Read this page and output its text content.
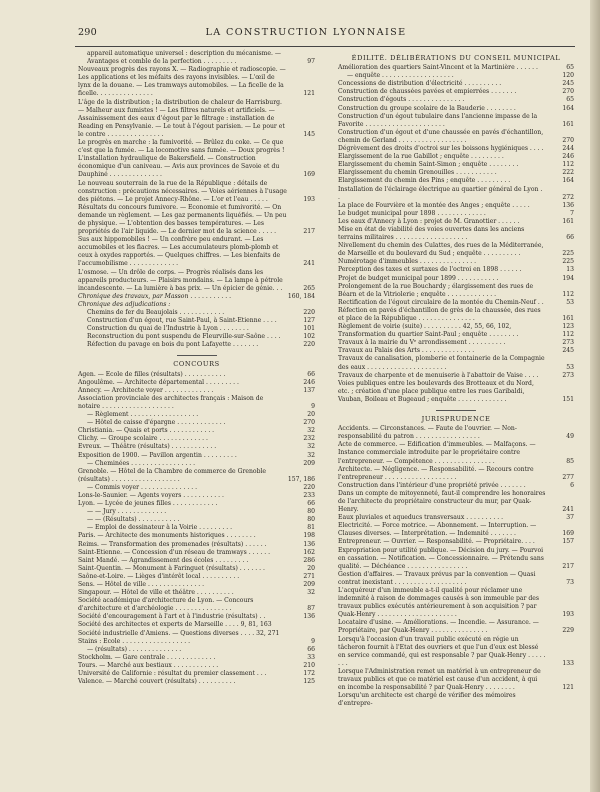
290	LA CONSTRUCTION LYONNAISE
appareil automatique universel : description du mécanisme. — Avantages et comble de la perfection . . . . . . . . .	97
Nouveaux progrès des rayons X. — Radiographie et radioscopie. — Les applications et les méfaits des rayons invisibles. — L'œil de lynx de la douane. — Les tramways automobiles. — La ficelle de la ficelle. . . . . . . . . . . . . . .	121
L'âge de la distribution ; la distribution de chaleur de Harrisburg. — Malheur aux fumistes ! — Les filtres naturels et artificiels. — Assainissement des eaux d'égout par le filtrage : installation de Reading en Pensylvanie. — Le tout à l'égout parisien. — Le pour et le contre . . . . . . . . . . . . . . .	145
Le progrès en marche : la fumivorité. — Brûlez du coke. — Ce que c'est que la fumée. — La locomotive sans fumée. — Doux progrès ! L'installation hydraulique de Bakersfield. — Construction économique d'un caniveau. — Avis aux provinces de Savoie et du Dauphiné . . . . . . . . . . . . . .	169
Le nouveau souterrain de la rue de la République : détails de construction : précautions nécessaires. — Voies aériennes à l'usage des piétons. — Le projet Annecy-Rhône. — L'or et l'eau . . . . .	193
Résultats du concours fumivore. — Economie et fumivorité. — On demande un règlement. — Les gaz permanents liquéfiés. — Un peu de physique. — L'obtention des basses températures. — Les propriétés de l'air liquide. — Le dernier mot de la science . . . . .	217
Sus aux hippomobiles ! — Un confrère peu endurant. — Les accumobiles et les fiacres. — Les accumulateurs plomb-plomb et ceux à oxydes rapportés. — Quelques chiffres. — Les bienfaits de l'accumobilisme . . . . . . . . . . . . .	241
L'osmose. — Un drôle de corps. — Progrès réalisés dans les appareils producteurs. — Plaisirs mondains. — La lampe à pétrole incandescente. — La lumière à bas prix. — Un épicier de génie. . .	265
Chronique des travaux, par Masson . . . . . . . . . . .	160, 184
Chronique des adjudications :
Chemins de fer du Beaujolais . . . . . . . . . . . .	220
Construction d'un égout, rue Saint-Paul, à Saint-Etienne . . . .	127
Construction du quai de l'Industrie à Lyon . . . . . . . .	101
Reconstruction du pont suspendu de Fleurville-sur-Saône . . . .	102
Réfection du pavage en bois du pont Lafayette . . . . . . .	220
CONCOURS
Agen. — Ecole de filles (résultats) . . . . . . . . . . .	66
Angoulême. — Architecte départemental . . . . . . . . .	246
Annecy. — Architecte voyer . . . . . . . . . . . . .	137
Association provinciale des architectes français : Maison de notaire . . . . . . . . . . . . . . . . . . .	9
— Règlement . . . . . . . . . . . . . . . . . .	20
— Hôtel de caisse d'épargne . . . . . . . . . . . . .	270
Christiania. — Quais et ports . . . . . . . . . . . .	32
Clichy. — Groupe scolaire . . . . . . . . . . . . .	232
Evreux. — Théâtre (résultats) . . . . . . . . . . . .	32
Exposition de 1900. — Pavillon argentin . . . . . . . . .	32
— Cheminées . . . . . . . . . . . . . . . . .	209
Grenoble. — Hôtel de la Chambre de commerce de Grenoble (résultats) . . . . . . . . . . . . . . . . . .	157, 186
— Commis voyer . . . . . . . . . . . . . . .	220
Lons-le-Saunier. — Agents voyers . . . . . . . . . . .	233
Lyon. — Lycée de jeunes filles . . . . . . . . . . . .	66
— — Jury . . . . . . . . . . . . .	80
— — (Résultats) . . . . . . . . . . .	80
— Emploi de dessinateur à la Voirie . . . . . . . . .	81
Paris. — Architecte des monuments historiques . . . . . . . .	198
Reims. — Transformation des promenades (résultats) . . . . . .	136
Saint-Etienne. — Concession d'un réseau de tramways . . . . . .	162
Saint Mandé. — Agrandissement des écoles . . . . . . . . .	286
Saint-Quentin. — Monument à Faringuet (résultats) . . . . . . .	20
Saône-et-Loire. — Lièges d'intérêt local . . . . . . . . . .	271
Sens. — Hôtel de ville . . . . . . . . . . . . . . .	209
Singapour. — Hôtel de ville et théâtre . . . . . . . . . .	32
Société académique d'architecture de Lyon. — Concours d'architecture et d'archéologie . . . . . . . . . . . . . . .	87
Société d'encouragement à l'art et à l'industrie (résultats) . .	136
Société des architectes et experts de Marseille . . . . 9, 81, 163
Société industrielle d'Amiens. — Questions diverses . . . . 32, 271
Stains : Ecole . . . . . . . . . . . . . . . . . .	9
— (résultats) . . . . . . . . . . . . . .	66
Stockholm. — Gare centrale . . . . . . . . . . . . .	33
Tours. — Marché aux bestiaux . . . . . . . . . . . .	210
Université de Californie : résultat du premier classement . . .	172
Valence. — Marché couvert (résultats) . . . . . . . . . .	125
ÉDILITÉ. DÉLIBÉRATIONS DU CONSEIL MUNICIPAL
Amélioration des quartiers Saint-Vincent et la Martinière . . . . . .	65
— enquête . . . . . . . . . . . . . . . . . . .	120
Concessions de distribution d'électricité . . . . . . . . . .	245
Construction de chaussées pavées et empierrées . . . . . . .	270
Construction d'égouts . . . . . . . . . . . . . . .	65
Construction du groupe scolaire de la Bauderie . . . . . . . .	164
Construction d'un égout tubulaire dans l'ancienne impasse de la Favorite . . . . . . . . . . . . . . . . . . . . .	161
Construction d'un égout et d'une chaussée en pavés d'échantillon, chemin de Gerland . . . . . . . . . . . . . . . . . .	270
Dégrèvement des droits d'octroi sur les boissons hygiéniques . . . .	244
Elargissement de la rue Gabillot ; enquête . . . . . . . . .	246
Elargissement du chemin Saint-Simon ; enquête . . . . . . . .	112
Elargissement du chemin Grenouilles . . . . . . . . . . .	222
Elargissement du chemin des Pins ; enquête . . . . . . . . .	164
Installation de l'éclairage électrique au quartier général de Lyon . .	272
La place de Fourvière et la montée des Anges ; enquête . . . . .	136
Le budget municipal pour 1898 . . . . . . . . . . . . .	7
Les eaux d'Annecy à Lyon : projet de M. Granottier . . . . . .	161
Mise en état de viabilité des voies ouvertes dans les anciens terrains militaires . . . . . . . . . . . . . . . . . . .	66
Nivellement du chemin des Culattes, des rues de la Méditerranée, de Marseille et du boulevard du Sud ; enquête . . . . . . . . . .	225
Numérotage d'immeubles . . . . . . . . . . . . . . .	225
Perception des taxes et surtaxes de l'octroi en 1898 . . . . . .	13
Projet de budget municipal pour 1899 . . . . . . . . . . .	194
Prolongement de la rue Bouchardy ; élargissement des rues de Béarn et de la Vitriolerie ; enquête . . . . . . . . . . . . .	112
Rectification de l'égout circulaire de la montée du Chemin-Neuf . .	53
Réfection en pavés d'échantillon de grès de la chaussée, des rues et place de la République . . . . . . . . . . . . . . .	161
Règlement de voirie (suite) . . . . . . . . . . 42, 55, 66, 102,	123
Transformation du quartier Saint-Paul ; enquête . . . . . . . .	112
Travaux à la mairie du Vᵉ arrondissement . . . . . . . . . .	273
Travaux au Palais des Arts . . . . . . . . . . . . . .	245
Travaux de canalisation, plomberie et fontainerie de la Compagnie des eaux . . . . . . . . . . . . . . . . . . . . .	53
Travaux de charpente et de menuiserie à l'abattoir de Vaise . . . .	273
Voies publiques entre les boulevards des Brotteaux et du Nord, etc. ; création d'une place publique entre les rues Garibaldi, Vauban, Boileau et Bugeaud ; enquête . . . . . . . . . . . . .	151
JURISPRUDENCE
Accidents. — Circonstances. — Faute de l'ouvrier. — Non-responsabilité du patron . . . . . . . . . . . . . . . . .	49
Acte de commerce. — Edification d'immeubles. — Malfaçons. — Instance commerciale introduite par le propriétaire contre l'entrepreneur. — Compétence . . . . . . . . . . . . . . . .	85
Architecte. — Négligence. — Responsabilité. — Recours contre l'entrepreneur . . . . . . . . . . . . . . . . . . .	277
Construction dans l'intérieur d'une propriété privée . . . . . . .	6
Dans un compte de mitoyenneté, faut-il comprendre les honoraires de l'architecte du propriétaire constructeur du mur, par Quak-Henry.	241
Eaux pluviales et aqueducs transversaux . . . . . . . . . .	37
Electricité. — Force motrice. — Abonnement. — Interruption. — Clauses diverses. — Interprétation. — Indemnité . . . . . . .	169
Entrepreneur. — Ouvrier. — Responsabilité. — Propriétaire. . . .	157
Expropriation pour utilité publique. — Décision du jury. — Pourvoi en cassation. — Notification. — Concessionnaire. — Prétendu sans qualité. — Déchéance . . . . . . . . . . . . . . . .	217
Gestion d'affaires. — Travaux prévus par la convention — Quasi contrat inexistant . . . . . . . . . . . . . . . . . . .	73
L'acquéreur d'un immeuble a-t-il qualité pour réclamer une indemnité à raison de dommages causés à son immeuble par des travaux publics exécutés antérieurement à son acquisition ? par Quak-Henry . . . . . . . . . . . . . . . . . . . . .	193
Locataire d'usine. — Améliorations. — Incendie. — Assurance. — Propriétaire, par Quak-Henry . . . . . . . . . . . . . . .	229
Lorsqu'à l'occasion d'un travail public exécuté en régie un tâcheron fournit à l'Etat des ouvriers et que l'un d'eux est blessé en service commandé, qui est responsable ? par Quak-Henry . . . . . . . .	133
Lorsque l'Administration remet un matériel à un entrepreneur de travaux publics et que ce matériel est cause d'un accident, à qui en incombe la responsabilité ? par Quak-Henry . . . . . . . .	121
Lorsqu'un architecte est chargé de vérifier des mémoires d'entrepre-
